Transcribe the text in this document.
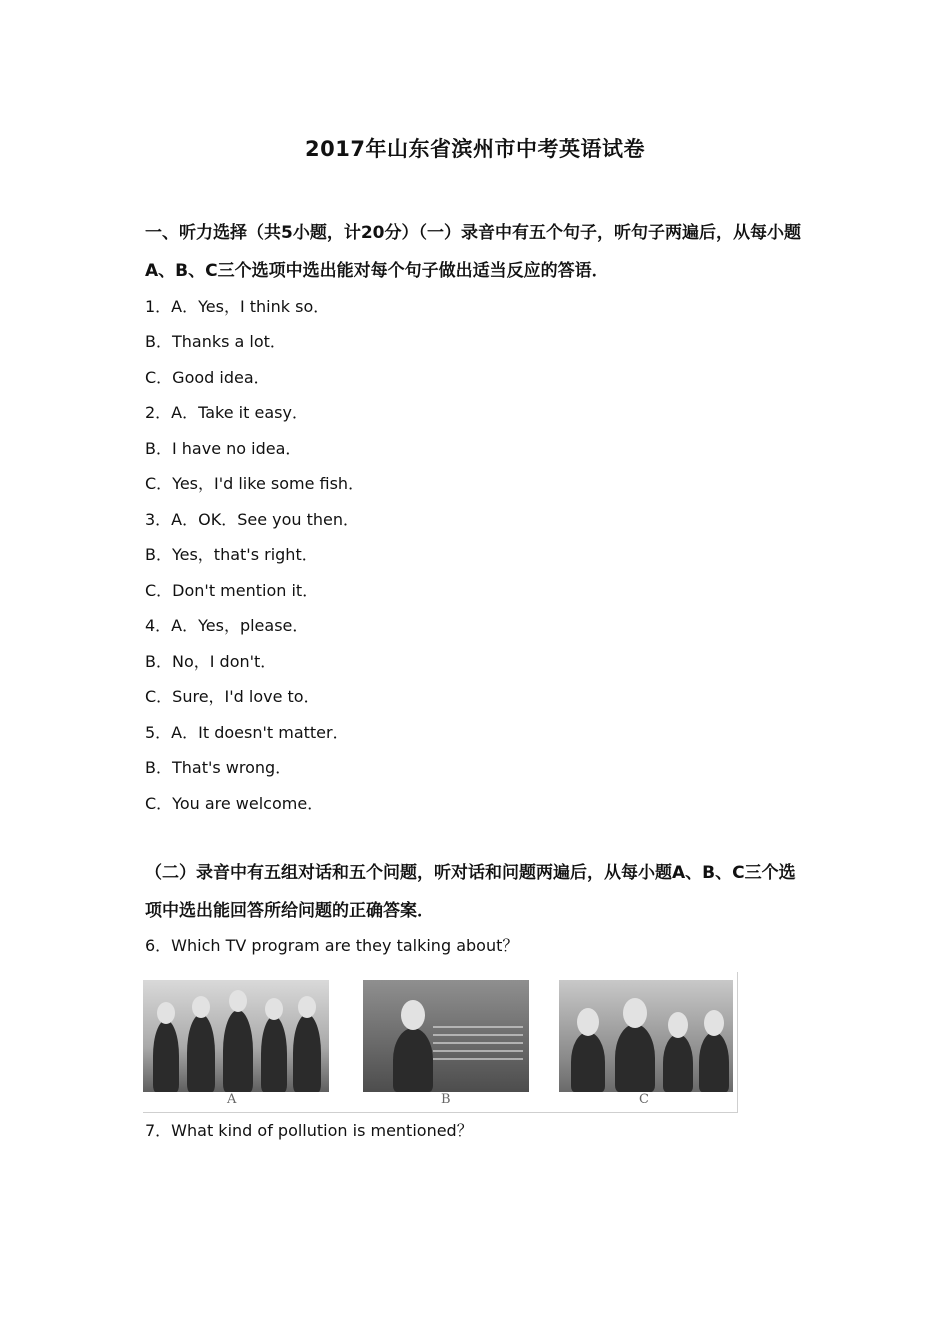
2017年山东省滨州市中考英语试卷
一、听力选择（共5小题，计20分）（一）录音中有五个句子，听句子两遍后，从每小题A、B、C三个选项中选出能对每个句子做出适当反应的答语．
1．A．Yes，I think so．
B．Thanks a lot．
C．Good idea．
2．A．Take it easy．
B．I have no idea．
C．Yes，I'd like some fish．
3．A．OK．See you then．
B．Yes，that's right．
C．Don't mention it．
4．A．Yes，please．
B．No，I don't．
C．Sure，I'd love to．
5．A．It doesn't matter．
B．That's wrong．
C．You are welcome．
（二）录音中有五组对话和五个问题，听对话和问题两遍后，从每小题A、B、C三个选项中选出能回答所给问题的正确答案．
6．Which TV program are they talking about？
A	B	C
7．What kind of pollution is mentioned？
